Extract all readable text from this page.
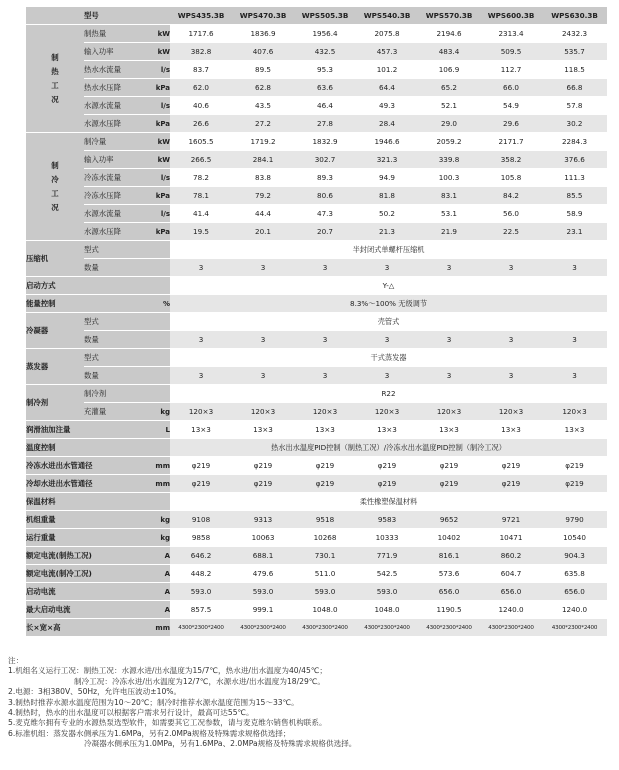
	型号		WPS435.3B	WPS470.3B	WPS505.3B	WPS540.3B	WPS570.3B	WPS600.3B	WPS630.3B
制
热
工
况	制热量	kW	1717.6	1836.9	1956.4	2075.8	2194.6	2313.4	2432.3
	输入功率	kW	382.8	407.6	432.5	457.3	483.4	509.5	535.7
	热水水流量	l/s	83.7	89.5	95.3	101.2	106.9	112.7	118.5
	热水水压降	kPa	62.0	62.8	63.6	64.4	65.2	66.0	66.8
	水源水流量	l/s	40.6	43.5	46.4	49.3	52.1	54.9	57.8
	水源水压降	kPa	26.6	27.2	27.8	28.4	29.0	29.6	30.2
制
冷
工
况	制冷量	kW	1605.5	1719.2	1832.9	1946.6	2059.2	2171.7	2284.3
	输入功率	kW	266.5	284.1	302.7	321.3	339.8	358.2	376.6
	冷冻水流量	l/s	78.2	83.8	89.3	94.9	100.3	105.8	111.3
	冷冻水压降	kPa	78.1	79.2	80.6	81.8	83.1	84.2	85.5
	水源水流量	l/s	41.4	44.4	47.3	50.2	53.1	56.0	58.9
	水源水压降	kPa	19.5	20.1	20.7	21.3	21.9	22.5	23.1
压缩机	型式		半封闭式单螺杆压缩机						
	数量		3	3	3	3	3	3	3
启动方式			Y-△						
能量控制		%	8.3%～100% 无级调节						
冷凝器	型式		壳管式						
	数量		3	3	3	3	3	3	3
蒸发器	型式		干式蒸发器						
	数量		3	3	3	3	3	3	3
制冷剂	制冷剂		R22						
	充灌量	kg	120×3	120×3	120×3	120×3	120×3	120×3	120×3
润滑油加注量		L	13×3	13×3	13×3	13×3	13×3	13×3	13×3
温度控制			热水出水温度PID控制（制热工况）/冷冻水出水温度PID控制（制冷工况）						
冷冻水进出水管通径		mm	φ219	φ219	φ219	φ219	φ219	φ219	φ219
冷却水进出水管通径		mm	φ219	φ219	φ219	φ219	φ219	φ219	φ219
保温材料			柔性橡塑保温材料						
机组重量		kg	9108	9313	9518	9583	9652	9721	9790
运行重量		kg	9858	10063	10268	10333	10402	10471	10540
额定电流(制热工况)		A	646.2	688.1	730.1	771.9	816.1	860.2	904.3
额定电流(制冷工况)		A	448.2	479.6	511.0	542.5	573.6	604.7	635.8
启动电流		A	593.0	593.0	593.0	593.0	656.0	656.0	656.0
最大启动电流		A	857.5	999.1	1048.0	1048.0	1190.5	1240.0	1240.0
长×宽×高		mm	4300*2300*2400	4300*2300*2400	4300*2300*2400	4300*2300*2400	4300*2300*2400	4300*2300*2400	4300*2300*2400
注：
1.机组名义运行工况：制热工况：水源水进/出水温度为15/7℃，热水进/出水温度为40/45℃；
制冷工况：冷冻水进/出水温度为12/7℃，水源水进/出水温度为18/29℃。
2.电源：3相380V、50Hz，允许电压波动±10%。
3.制热时推荐水源水温度范围为10～20℃；制冷时推荐水源水温度范围为15～33℃。
4.制热时，热水的出水温度可以根据客户需求另行设计，最高可达55℃。
5.麦克维尔拥有专业的水源热泵选型软件，如需要其它工况参数，请与麦克维尔销售机构联系。
6.标准机组：蒸发器水侧承压为1.6MPa，另有2.0MPa规格及特殊需求规格供选择；
冷凝器水侧承压为1.0MPa，另有1.6MPa、2.0MPa规格及特殊需求规格供选择。
